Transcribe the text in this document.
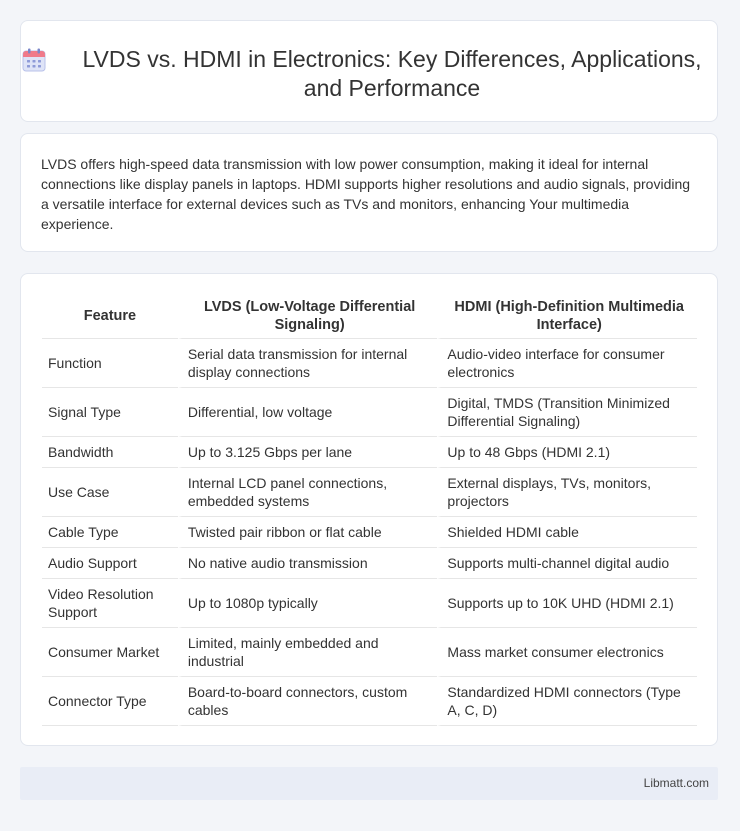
LVDS vs. HDMI in Electronics: Key Differences, Applications, and Performance

LVDS offers high-speed data transmission with low power consumption, making it ideal for internal connections like display panels in laptops. HDMI supports higher resolutions and audio signals, providing a versatile interface for external devices such as TVs and monitors, enhancing Your multimedia experience.

Feature	LVDS (Low-Voltage Differential Signaling)	HDMI (High-Definition Multimedia Interface)
Function	Serial data transmission for internal display connections	Audio-video interface for consumer electronics
Signal Type	Differential, low voltage	Digital, TMDS (Transition Minimized Differential Signaling)
Bandwidth	Up to 3.125 Gbps per lane	Up to 48 Gbps (HDMI 2.1)
Use Case	Internal LCD panel connections, embedded systems	External displays, TVs, monitors, projectors
Cable Type	Twisted pair ribbon or flat cable	Shielded HDMI cable
Audio Support	No native audio transmission	Supports multi-channel digital audio
Video Resolution Support	Up to 1080p typically	Supports up to 10K UHD (HDMI 2.1)
Consumer Market	Limited, mainly embedded and industrial	Mass market consumer electronics
Connector Type	Board-to-board connectors, custom cables	Standardized HDMI connectors (Type A, C, D)
Libmatt.com
